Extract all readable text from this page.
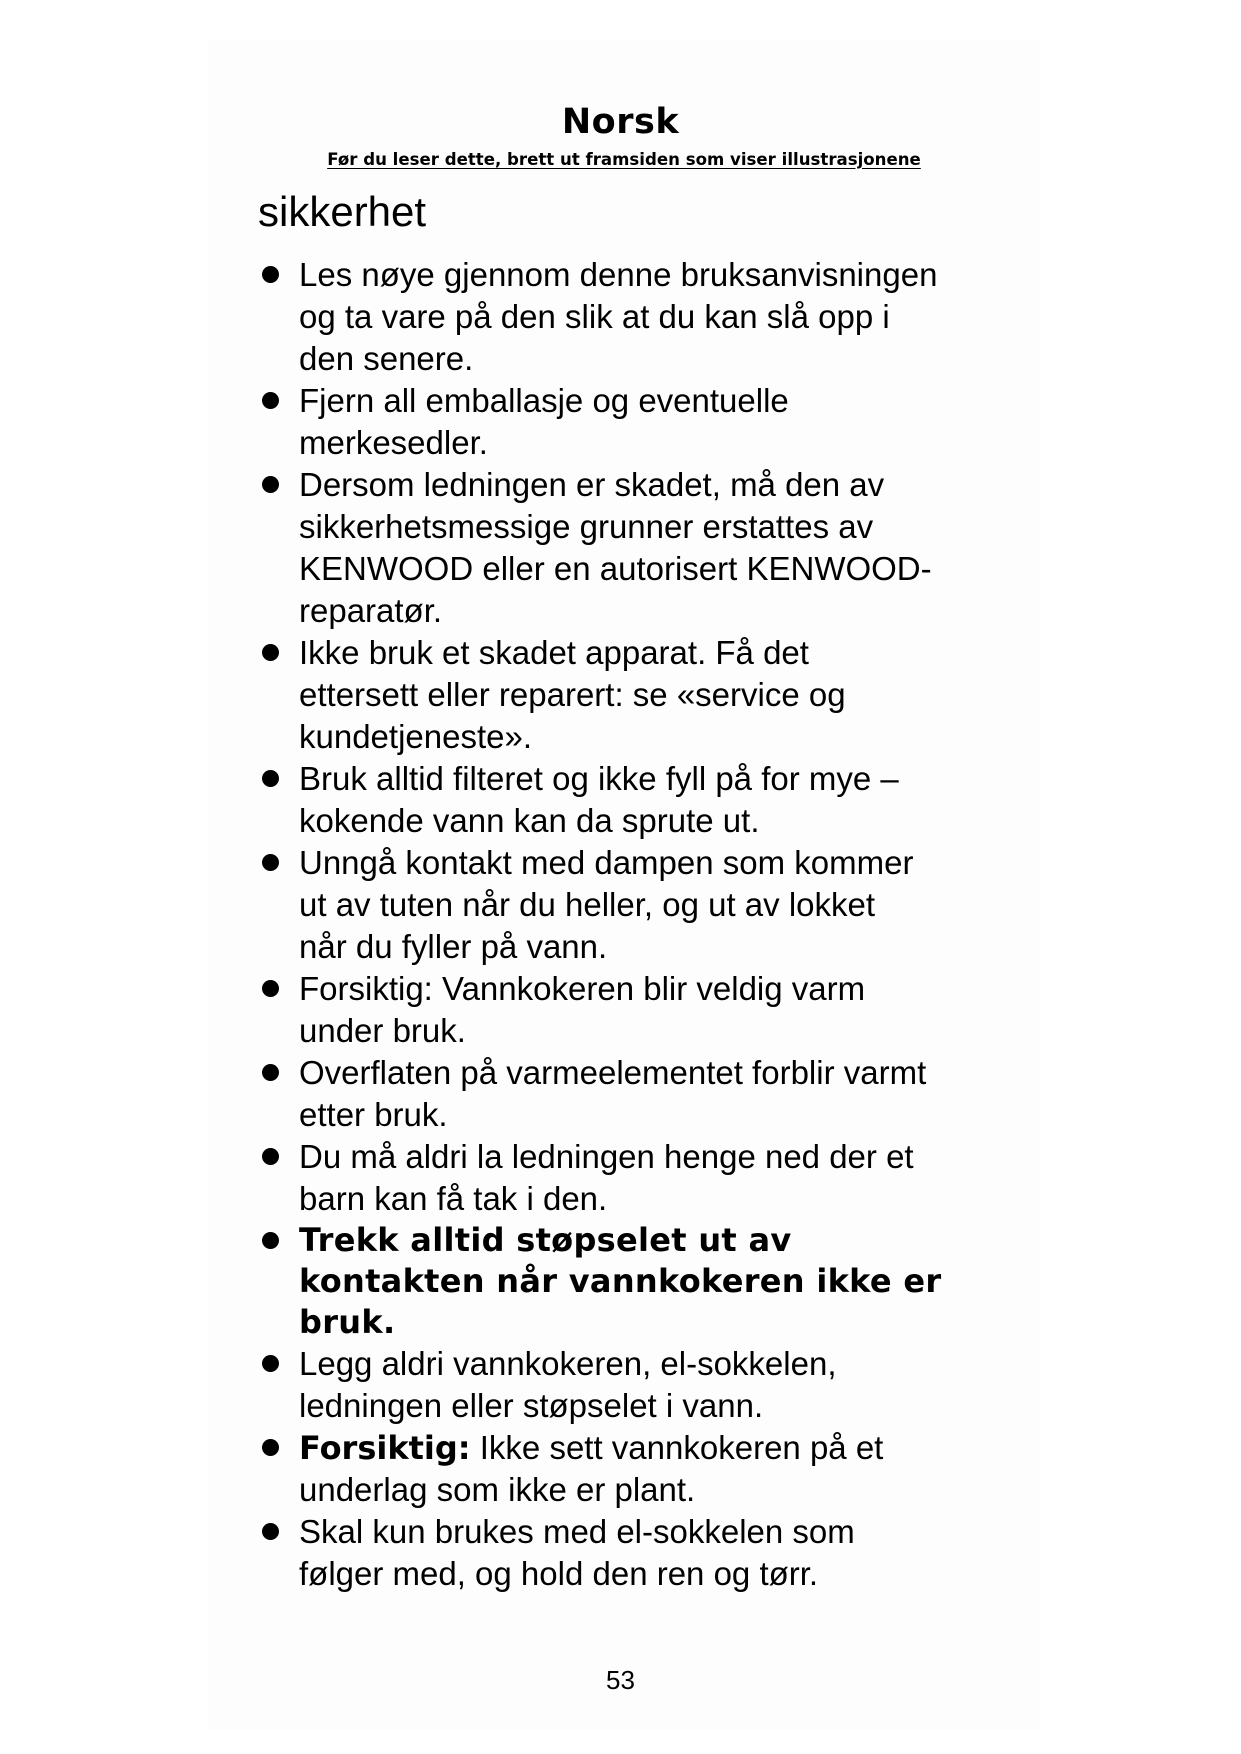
Norsk
Før du leser dette, brett ut framsiden som viser illustrasjonene
sikkerhet
Les nøye gjennom denne bruksanvisningen
og ta vare på den slik at du kan slå opp i
den senere.
Fjern all emballasje og eventuelle
merkesedler.
Dersom ledningen er skadet, må den av
sikkerhetsmessige grunner erstattes av
KENWOOD eller en autorisert KENWOOD-
reparatør.
Ikke bruk et skadet apparat. Få det
ettersett eller reparert: se «service og
kundetjeneste».
Bruk alltid filteret og ikke fyll på for mye –
kokende vann kan da sprute ut.
Unngå kontakt med dampen som kommer
ut av tuten når du heller, og ut av lokket
når du fyller på vann.
Forsiktig: Vannkokeren blir veldig varm
under bruk.
Overflaten på varmeelementet forblir varmt
etter bruk.
Du må aldri la ledningen henge ned der et
barn kan få tak i den.
Trekk alltid støpselet ut av
kontakten når vannkokeren ikke er
bruk.
Legg aldri vannkokeren, el-sokkelen,
ledningen eller støpselet i vann.
Forsiktig: Ikke sett vannkokeren på et
underlag som ikke er plant.
Skal kun brukes med el-sokkelen som
følger med, og hold den ren og tørr.
53
